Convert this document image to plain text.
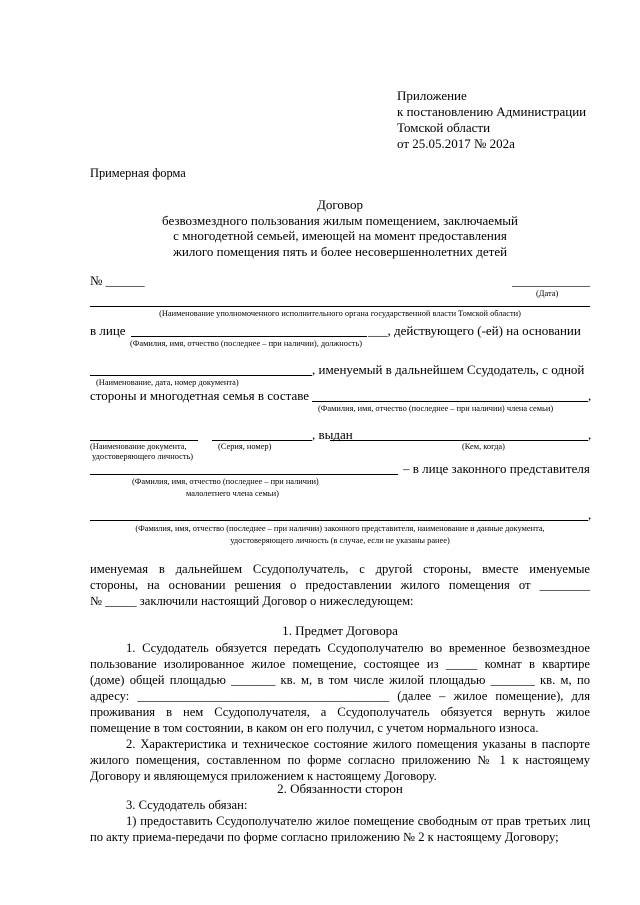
Приложение
к постановлению Администрации
Томской области
от 25.05.2017 № 202а
Примерная форма
Договор
безвозмездного пользования жилым помещением, заключаемый
с многодетной семьей, имеющей на момент предоставления
жилого помещения пять и более несовершеннолетних детей
№ ______	____________
(Дата)
(Наименование уполномоченного исполнительного органа государственной власти Томской области)
в лице	___, действующего (-ей) на основании
(Фамилия, имя, отчество (последнее – при наличии), должность)
, именуемый в дальнейшем Ссудодатель, с одной
(Наименование, дата, номер документа)
стороны и многодетная семья в составе	,
(Фамилия, имя, отчество (последнее – при наличии) члена семьи)
, выдан	,
(Наименование документа,
удостоверяющего личность)
(Серия, номер)	(Кем, когда)
– в лице законного представителя
(Фамилия, имя, отчество (последнее – при наличии)
малолетнего члена семьи)
,
(Фамилия, имя, отчество (последнее – при наличии) законного представителя, наименование и данные документа,
удостоверяющего личность (в случае, если не указаны ранее)
именуемая в дальнейшем Ссудополучатель, с другой стороны, вместе именуемые
стороны, на основании решения о предоставлении жилого помещения от ________
№ _____ заключили настоящий Договор о нижеследующем:
1. Предмет Договора

1. Ссудодатель обязуется передать Ссудополучателю во временное безвозмездное пользование изолированное жилое помещение, состоящее из _____ комнат в квартире (доме) общей площадью _______ кв. м, в том числе жилой площадью _______ кв. м, по адресу: ________________________________________ (далее – жилое помещение), для проживания в нем Ссудополучателя, а Ссудополучатель обязуется вернуть жилое помещение в том состоянии, в каком он его получил, с учетом нормального износа.

2. Характеристика и техническое состояние жилого помещения указаны в паспорте жилого помещения, составленном по форме согласно приложению № 1 к настоящему Договору и являющемуся приложением к настоящему Договору.

2. Обязанности сторон

3. Ссудодатель обязан:

1) предоставить Ссудополучателю жилое помещение свободным от прав третьих лиц по акту приема-передачи по форме согласно приложению № 2 к настоящему Договору;
